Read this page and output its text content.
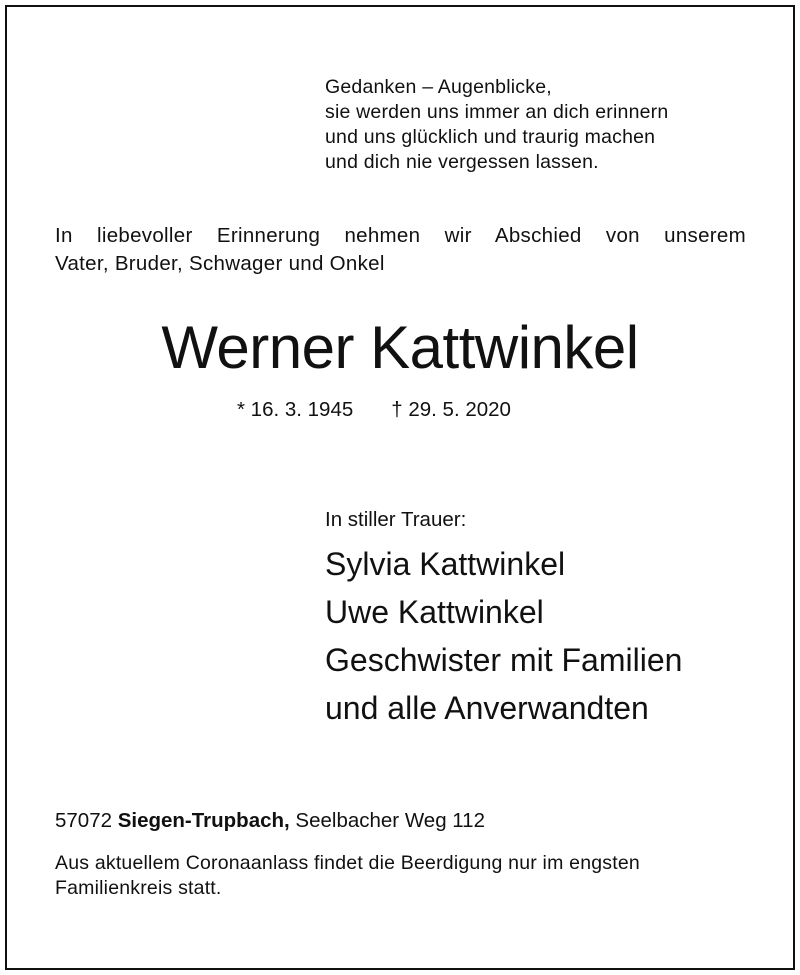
Gedanken – Augenblicke,
sie werden uns immer an dich erinnern
und uns glücklich und traurig machen
und dich nie vergessen lassen.
In liebevoller Erinnerung nehmen wir Abschied von unserem
Vater, Bruder, Schwager und Onkel
Werner Kattwinkel
* 16. 3. 1945 † 29. 5. 2020
In stiller Trauer:
Sylvia Kattwinkel
Uwe Kattwinkel
Geschwister mit Familien
und alle Anverwandten
57072 Siegen-Trupbach, Seelbacher Weg 112
Aus aktuellem Coronaanlass findet die Beerdigung nur im engsten
Familienkreis statt.
